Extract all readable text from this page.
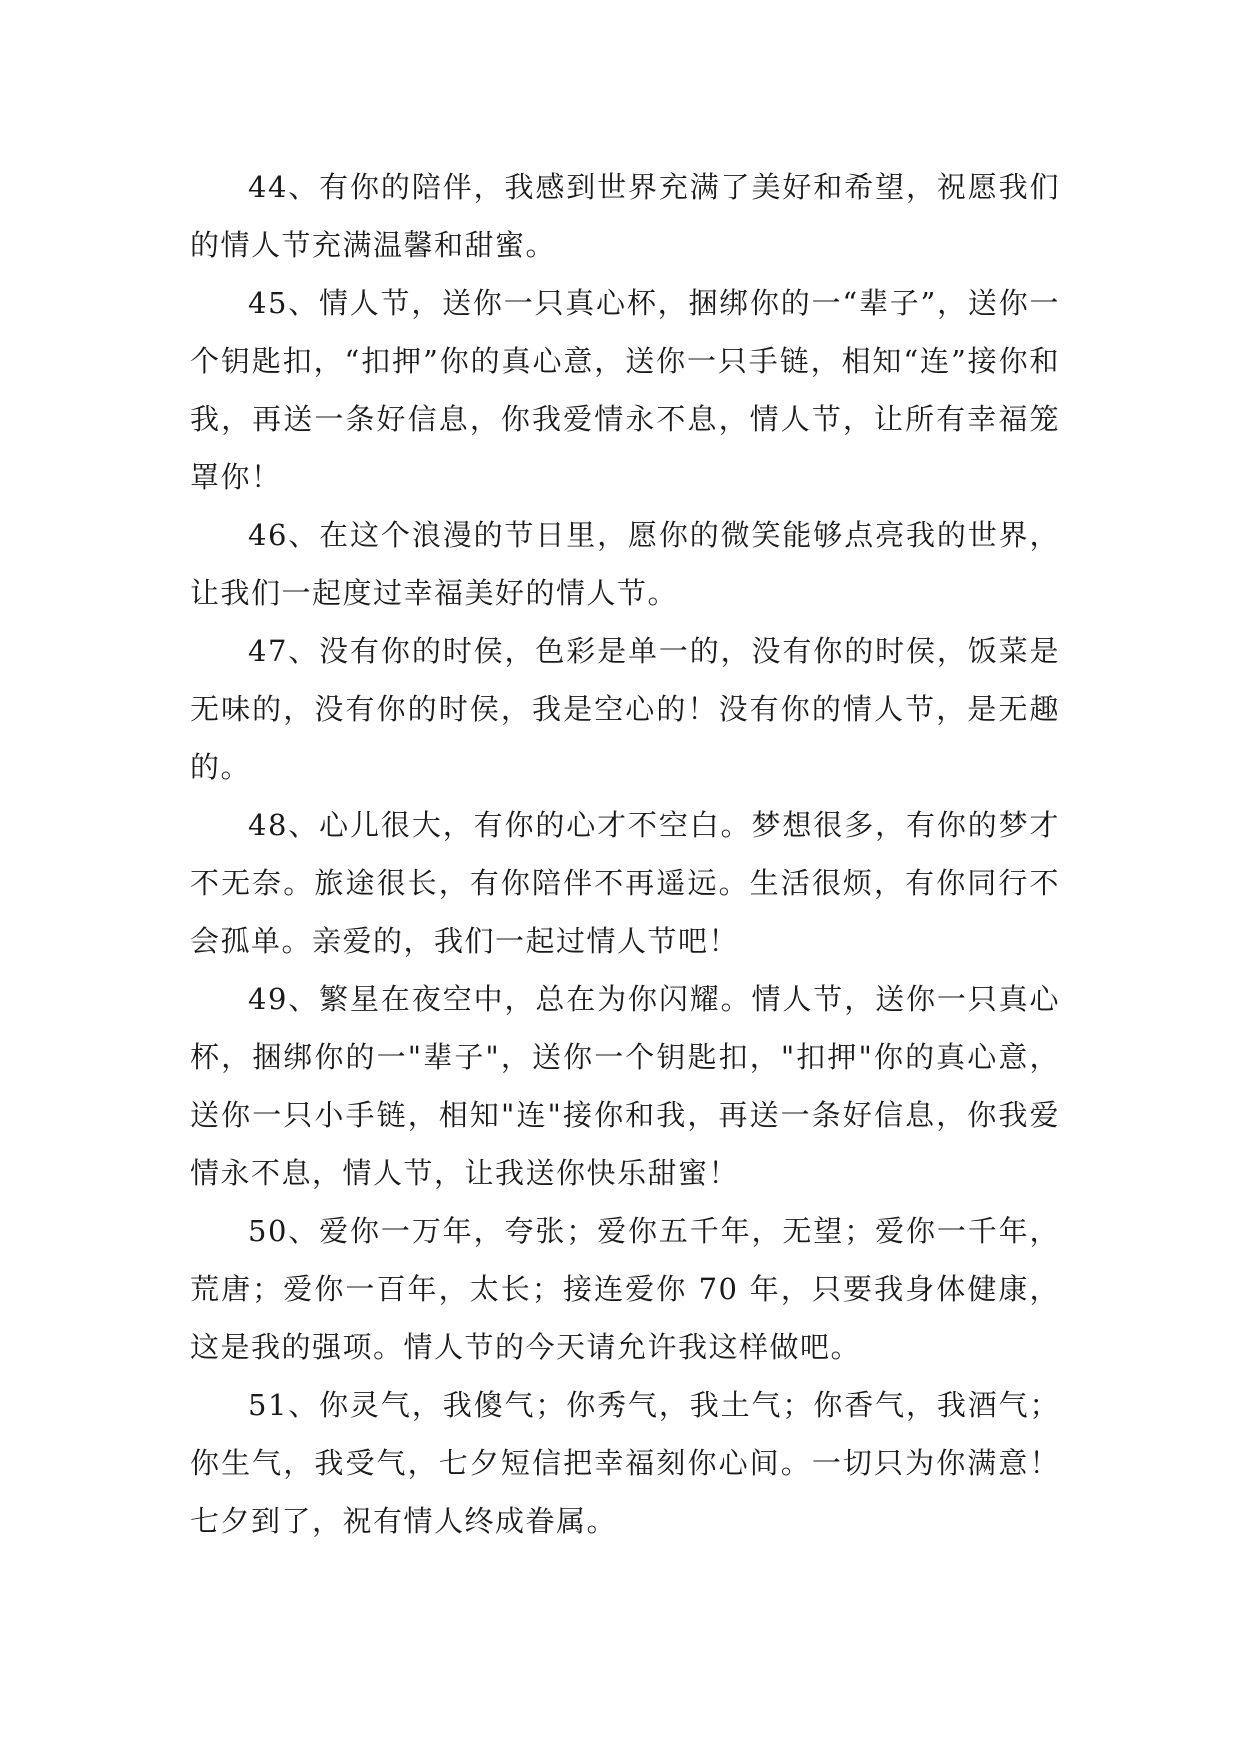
44、有你的陪伴，我感到世界充满了美好和希望，祝愿我们的情人节充满温馨和甜蜜。

45、情人节，送你一只真心杯，捆绑你的一“辈子”，送你一个钥匙扣，“扣押”你的真心意，送你一只手链，相知“连”接你和我，再送一条好信息，你我爱情永不息，情人节，让所有幸福笼罩你！

46、在这个浪漫的节日里，愿你的微笑能够点亮我的世界，让我们一起度过幸福美好的情人节。

47、没有你的时侯，色彩是单一的，没有你的时侯，饭菜是无味的，没有你的时侯，我是空心的！没有你的情人节，是无趣的。

48、心儿很大，有你的心才不空白。梦想很多，有你的梦才不无奈。旅途很长，有你陪伴不再遥远。生活很烦，有你同行不会孤单。亲爱的，我们一起过情人节吧！

49、繁星在夜空中，总在为你闪耀。情人节，送你一只真心杯，捆绑你的一"辈子"，送你一个钥匙扣，"扣押"你的真心意，送你一只小手链，相知"连"接你和我，再送一条好信息，你我爱情永不息，情人节，让我送你快乐甜蜜！

50、爱你一万年，夸张；爱你五千年，无望；爱你一千年，荒唐；爱你一百年，太长；接连爱你 70 年，只要我身体健康，这是我的强项。情人节的今天请允许我这样做吧。

51、你灵气，我傻气；你秀气，我土气；你香气，我酒气；你生气，我受气，七夕短信把幸福刻你心间。一切只为你满意！七夕到了，祝有情人终成眷属。
